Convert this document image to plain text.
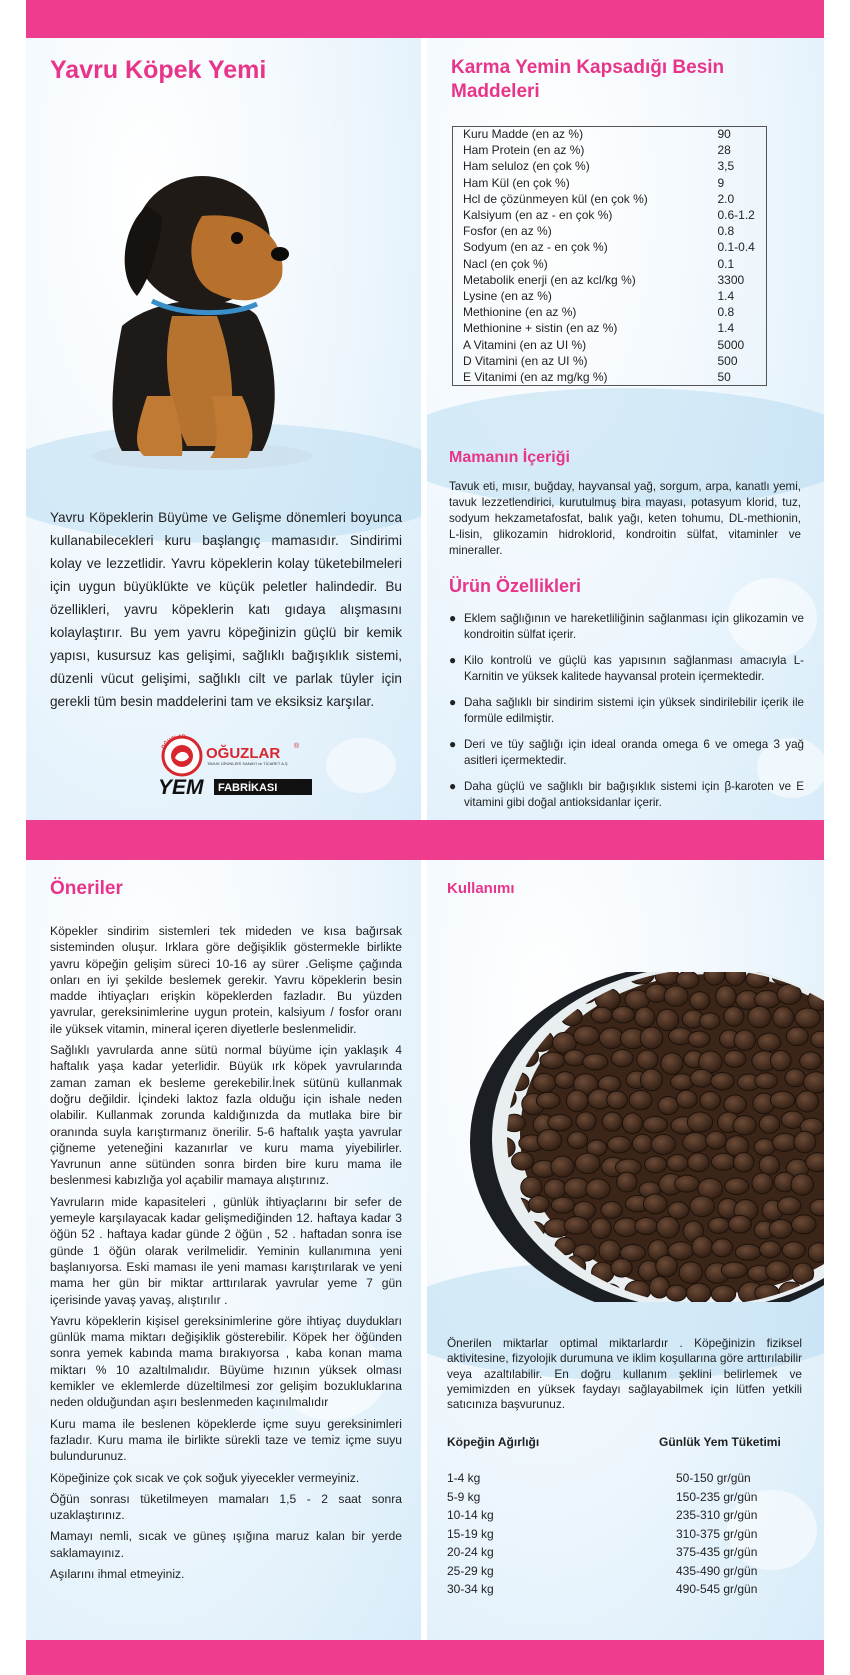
Yavru Köpek Yemi

Yavru Köpeklerin Büyüme ve Gelişme dönemleri boyunca kullanabilecekleri kuru başlangıç mamasıdır. Sindirimi kolay ve lezzetlidir. Yavru köpeklerin kolay tüketebilmeleri için uygun büyüklükte ve küçük peletler halindedir. Bu özellikleri, yavru köpeklerin katı gıdaya alışmasını kolaylaştırır. Bu yem yavru köpeğinizin güçlü bir kemik yapısı, kusursuz kas gelişimi, sağlıklı bağışıklık sistemi, düzenli vücut gelişimi, sağlıklı cilt ve parlak tüyler için gerekli tüm besin maddelerini tam ve eksiksiz karşılar.

OĞUZLAR
OĞUZLAR ®
TAVUK ÜRÜNLERİ SANAYİ ve TİCARET A.Ş
YEM FABRİKASI
Karma Yemin Kapsadığı Besin Maddeleri
Kuru Madde (en az %)	90
Ham Protein (en az %)	28
Ham seluloz (en çok %)	3,5
Ham Kül (en çok %)	9
Hcl de çözünmeyen kül (en çok %)	2.0
Kalsiyum (en az - en çok %)	0.6-1.2
Fosfor (en az %)	0.8
Sodyum (en az - en çok %)	0.1-0.4
Nacl (en çok %)	0.1
Metabolik enerji (en az kcl/kg %)	3300
Lysine (en az %)	1.4
Methionine (en az %)	0.8
Methionine + sistin (en az %)	1.4
A Vitamini (en az UI %)	5000
D Vitamini (en az UI %)	500
E Vitanimi (en az mg/kg %)	50
Mamanın İçeriği

Tavuk eti, mısır, buğday, hayvansal yağ, sorgum, arpa, kanatlı yemi, tavuk lezzetlendirici, kurutulmuş bira mayası, potasyum klorid, tuz, sodyum hekzametafosfat, balık yağı, keten tohumu, DL-methionin, L-lisin, glikozamin hidroklorid, kondroitin sülfat, vitaminler ve mineraller.

Ürün Özellikleri
● Eklem sağlığının ve hareketliliğinin sağlanması için glikozamin ve kondroitin sülfat içerir.
● Kilo kontrolü ve güçlü kas yapısının sağlanması amacıyla L-Karnitin ve yüksek kalitede hayvansal protein içermektedir.
● Daha sağlıklı bir sindirim sistemi için yüksek sindirilebilir içerik ile formüle edilmiştir.
● Deri ve tüy sağlığı için ideal oranda omega 6 ve omega 3 yağ asitleri içermektedir.
● Daha güçlü ve sağlıklı bir bağışıklık sistemi için β-karoten ve E vitamini gibi doğal antioksidanlar içerir.
Öneriler

Köpekler sindirim sistemleri tek mideden ve kısa bağırsak sisteminden oluşur. Irklara göre değişiklik göstermekle birlikte yavru köpeğin gelişim süreci 10-16 ay sürer .Gelişme çağında onları en iyi şekilde beslemek gerekir. Yavru köpeklerin besin madde ihtiyaçları erişkin köpeklerden fazladır. Bu yüzden yavrular, gereksinimlerine uygun protein, kalsiyum / fosfor oranı ile yüksek vitamin, mineral içeren diyetlerle beslenmelidir.

Sağlıklı yavrularda anne sütü normal büyüme için yaklaşık 4 haftalık yaşa kadar yeterlidir. Büyük ırk köpek yavrularında zaman zaman ek besleme gerekebilir.İnek sütünü kullanmak doğru değildir. İçindeki laktoz fazla olduğu için ishale neden olabilir. Kullanmak zorunda kaldığınızda da mutlaka bire bir oranında suyla karıştırmanız önerilir. 5-6 haftalık yaşta yavrular çiğneme yeteneğini kazanırlar ve kuru mama yiyebilirler. Yavrunun anne sütünden sonra birden bire kuru mama ile beslenmesi kabızlığa yol açabilir mamaya alıştırınız.

Yavruların mide kapasiteleri , günlük ihtiyaçlarını bir sefer de yemeyle karşılayacak kadar gelişmediğinden 12. haftaya kadar 3 öğün 52 . haftaya kadar günde 2 öğün , 52 . haftadan sonra ise günde 1 öğün olarak verilmelidir. Yeminin kullanımına yeni başlanıyorsa. Eski maması ile yeni maması karıştırılarak ve yeni mama her gün bir miktar arttırılarak yavrular yeme 7 gün içerisinde yavaş yavaş, alıştırılır .

Yavru köpeklerin kişisel gereksinimlerine göre ihtiyaç duydukları günlük mama miktarı değişiklik gösterebilir. Köpek her öğünden sonra yemek kabında mama bırakıyorsa , kaba konan mama miktarı % 10 azaltılmalıdır. Büyüme hızının yüksek olması kemikler ve eklemlerde düzeltilmesi zor gelişim bozukluklarına neden olduğundan aşırı beslenmeden kaçınılmalıdır

Kuru mama ile beslenen köpeklerde içme suyu gereksinimleri fazladır. Kuru mama ile birlikte sürekli taze ve temiz içme suyu bulundurunuz.

Köpeğinize çok sıcak ve çok soğuk yiyecekler vermeyiniz.

Öğün sonrası tüketilmeyen mamaları 1,5 - 2 saat sonra uzaklaştırınız.

Mamayı nemli, sıcak ve güneş ışığına maruz kalan bir yerde saklamayınız.

Aşılarını ihmal etmeyiniz.

Kullanımı

Önerilen miktarlar optimal miktarlardır . Köpeğinizin fiziksel aktivitesine, fizyolojik durumuna ve iklim koşullarına göre arttırılabilir veya azaltılabilir. En doğru kullanım şeklini belirlemek ve yemimizden en yüksek faydayı sağlayabilmek için lütfen yetkili satıcınıza başvurunuz.

Köpeğin Ağırlığı	Günlük Yem Tüketimi
1-4 kg	50-150 gr/gün
5-9 kg	150-235 gr/gün
10-14 kg	235-310 gr/gün
15-19 kg	310-375 gr/gün
20-24 kg	375-435 gr/gün
25-29 kg	435-490 gr/gün
30-34 kg	490-545 gr/gün
